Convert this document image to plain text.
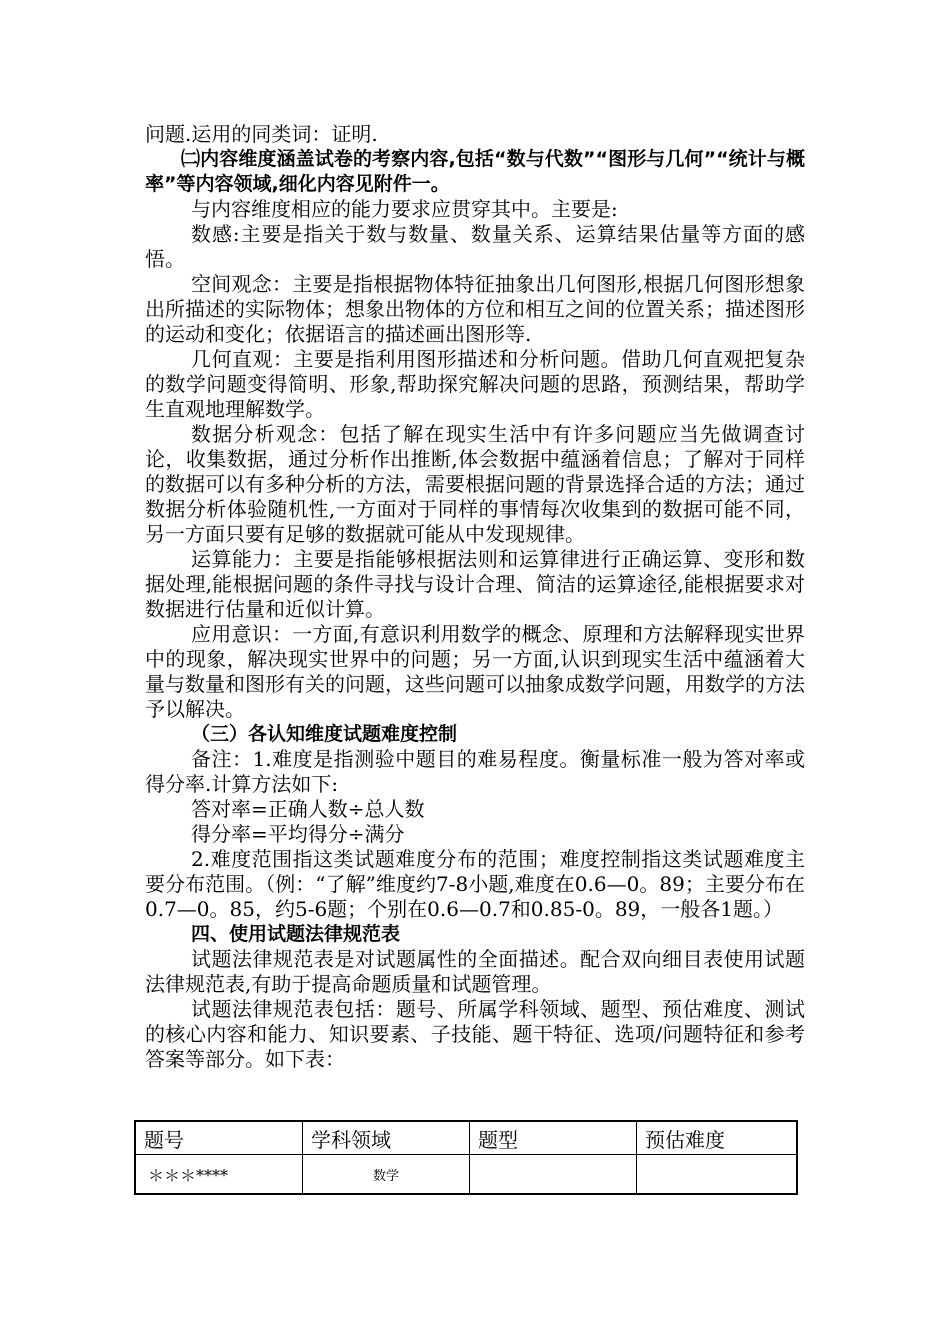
问题.运用的同类词：证明.

㈡内容维度涵盖试卷的考察内容,包括“数与代数”“图形与几何”“统计与概率”等内容领域,细化内容见附件一。

与内容维度相应的能力要求应贯穿其中。主要是:

数感:主要是指关于数与数量、数量关系、运算结果估量等方面的感悟。

空间观念：主要是指根据物体特征抽象出几何图形,根据几何图形想象出所描述的实际物体；想象出物体的方位和相互之间的位置关系；描述图形的运动和变化；依据语言的描述画出图形等.

几何直观：主要是指利用图形描述和分析问题。借助几何直观把复杂的数学问题变得简明、形象,帮助探究解决问题的思路，预测结果，帮助学生直观地理解数学。

数据分析观念：包括了解在现实生活中有许多问题应当先做调查讨论，收集数据，通过分析作出推断,体会数据中蕴涵着信息；了解对于同样的数据可以有多种分析的方法，需要根据问题的背景选择合适的方法；通过数据分析体验随机性,一方面对于同样的事情每次收集到的数据可能不同，另一方面只要有足够的数据就可能从中发现规律。

运算能力：主要是指能够根据法则和运算律进行正确运算、变形和数据处理,能根据问题的条件寻找与设计合理、简洁的运算途径,能根据要求对数据进行估量和近似计算。

应用意识：一方面,有意识利用数学的概念、原理和方法解释现实世界中的现象，解决现实世界中的问题；另一方面,认识到现实生活中蕴涵着大量与数量和图形有关的问题，这些问题可以抽象成数学问题，用数学的方法予以解决。

（三）各认知维度试题难度控制

备注：1.难度是指测验中题目的难易程度。衡量标准一般为答对率或得分率.计算方法如下:

答对率=正确人数÷总人数

得分率=平均得分÷满分

2.难度范围指这类试题难度分布的范围；难度控制指这类试题难度主要分布范围。（例：“了解”维度约7-8小题,难度在0.6—0。89；主要分布在0.7—0。85，约5-6题；个别在0.6—0.7和0.85-0。89，一般各1题。）

四、使用试题法律规范表

试题法律规范表是对试题属性的全面描述。配合双向细目表使用试题法律规范表,有助于提高命题质量和试题管理。

试题法律规范表包括：题号、所属学科领域、题型、预估难度、测试的核心内容和能力、知识要素、子技能、题干特征、选项/问题特征和参考答案等部分。如下表：

题号	学科领域	题型	预估难度
＊＊＊****	数学		
